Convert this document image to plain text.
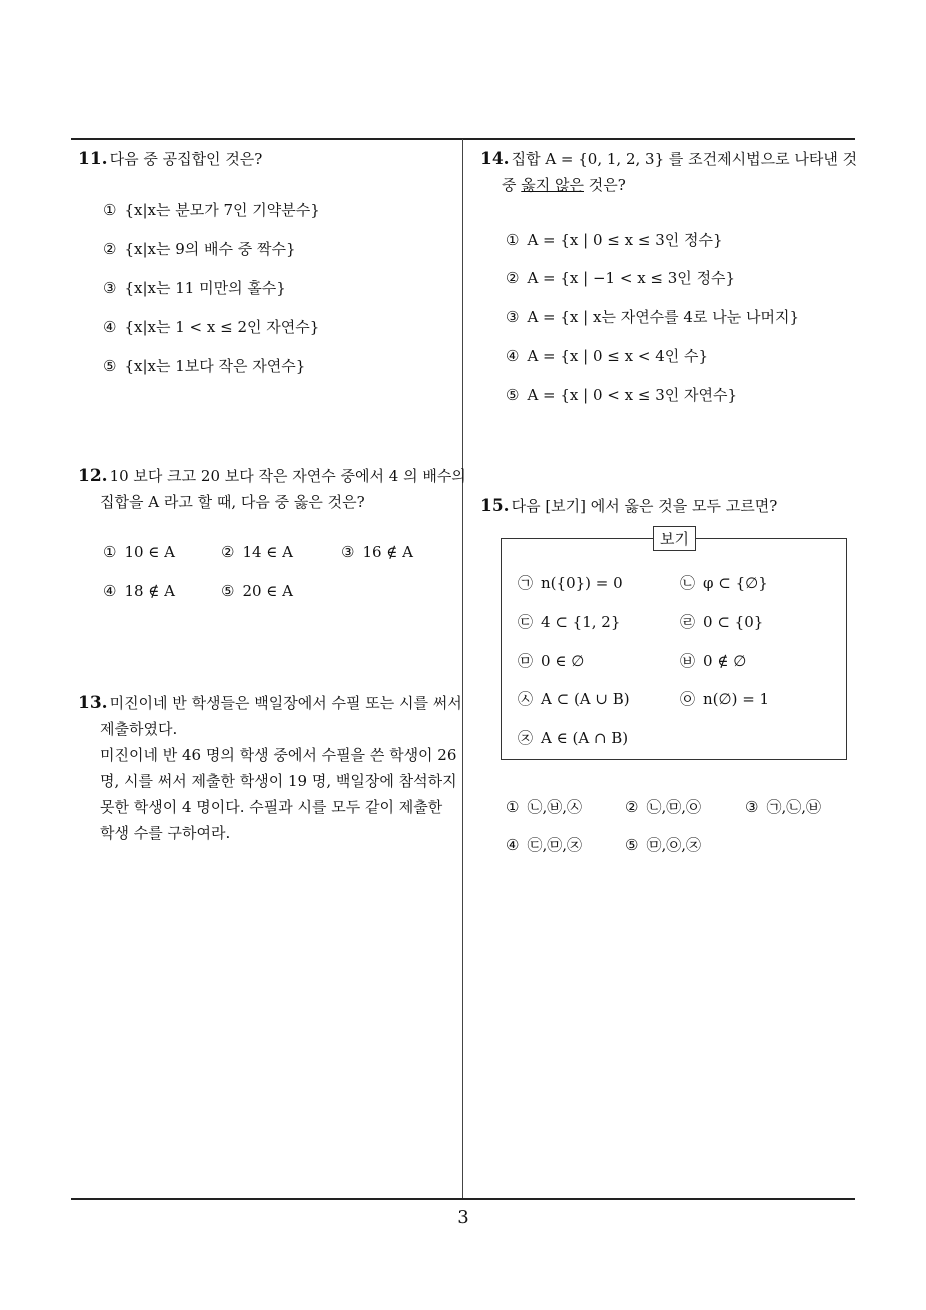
11. 다음 중 공집합인 것은?
① {x|x는 분모가 7인 기약분수}
② {x|x는 9의 배수 중 짝수}
③ {x|x는 11 미만의 홀수}
④ {x|x는 1 < x ≤ 2인 자연수}
⑤ {x|x는 1보다 작은 자연수}
12. 10 보다 크고 20 보다 작은 자연수 중에서 4 의 배수의
집합을 A 라고 할 때, 다음 중 옳은 것은?
① 10 ∈ A	② 14 ∈ A	③ 16 ∉ A
④ 18 ∉ A	⑤ 20 ∈ A
13. 미진이네 반 학생들은 백일장에서 수필 또는 시를 써서
제출하였다.
미진이네 반 46 명의 학생 중에서 수필을 쓴 학생이 26
명, 시를 써서 제출한 학생이 19 명, 백일장에 참석하지
못한 학생이 4 명이다. 수필과 시를 모두 같이 제출한
학생 수를 구하여라.
14. 집합 A = {0, 1, 2, 3} 를 조건제시법으로 나타낸 것
중 옳지 않은 것은?
① A = {x | 0 ≤ x ≤ 3인 정수}
② A = {x | −1 < x ≤ 3인 정수}
③ A = {x | x는 자연수를 4로 나눈 나머지}
④ A = {x | 0 ≤ x < 4인 수}
⑤ A = {x | 0 < x ≤ 3인 자연수}
15. 다음 [보기] 에서 옳은 것을 모두 고르면?
보기
㉠ n({0}) = 0	㉡ φ ⊂ {∅}
㉢ 4 ⊂ {1, 2}	㉣ 0 ⊂ {0}
㉤ 0 ∈ ∅	㉥ 0 ∉ ∅
㉦ A ⊂ (A ∪ B)	㉧ n(∅) = 1
㉨ A ∈ (A ∩ B)
① ㉡,㉥,㉦	② ㉡,㉤,㉧	③ ㉠,㉡,㉥
④ ㉢,㉤,㉨	⑤ ㉤,㉧,㉨
3
